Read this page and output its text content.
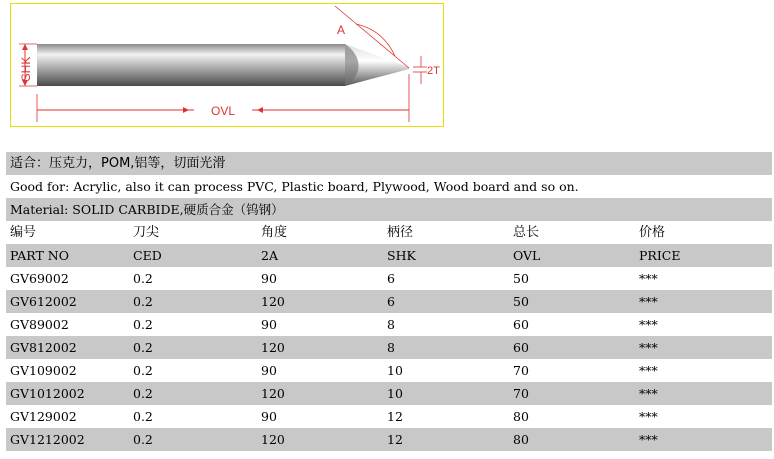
SHK
OVL
A
2T
适合：压克力，POM,铝等，切面光滑
Good for: Acrylic, also it can process PVC, Plastic board, Plywood, Wood board and so on.
Material: SOLID CARBIDE,硬质合金（钨钢）
编号	刀尖	角度	柄径	总长	价格
PART NO	CED	2A	SHK	OVL	PRICE
GV69002	0.2	90	6	50	***
GV612002	0.2	120	6	50	***
GV89002	0.2	90	8	60	***
GV812002	0.2	120	8	60	***
GV109002	0.2	90	10	70	***
GV1012002	0.2	120	10	70	***
GV129002	0.2	90	12	80	***
GV1212002	0.2	120	12	80	***
